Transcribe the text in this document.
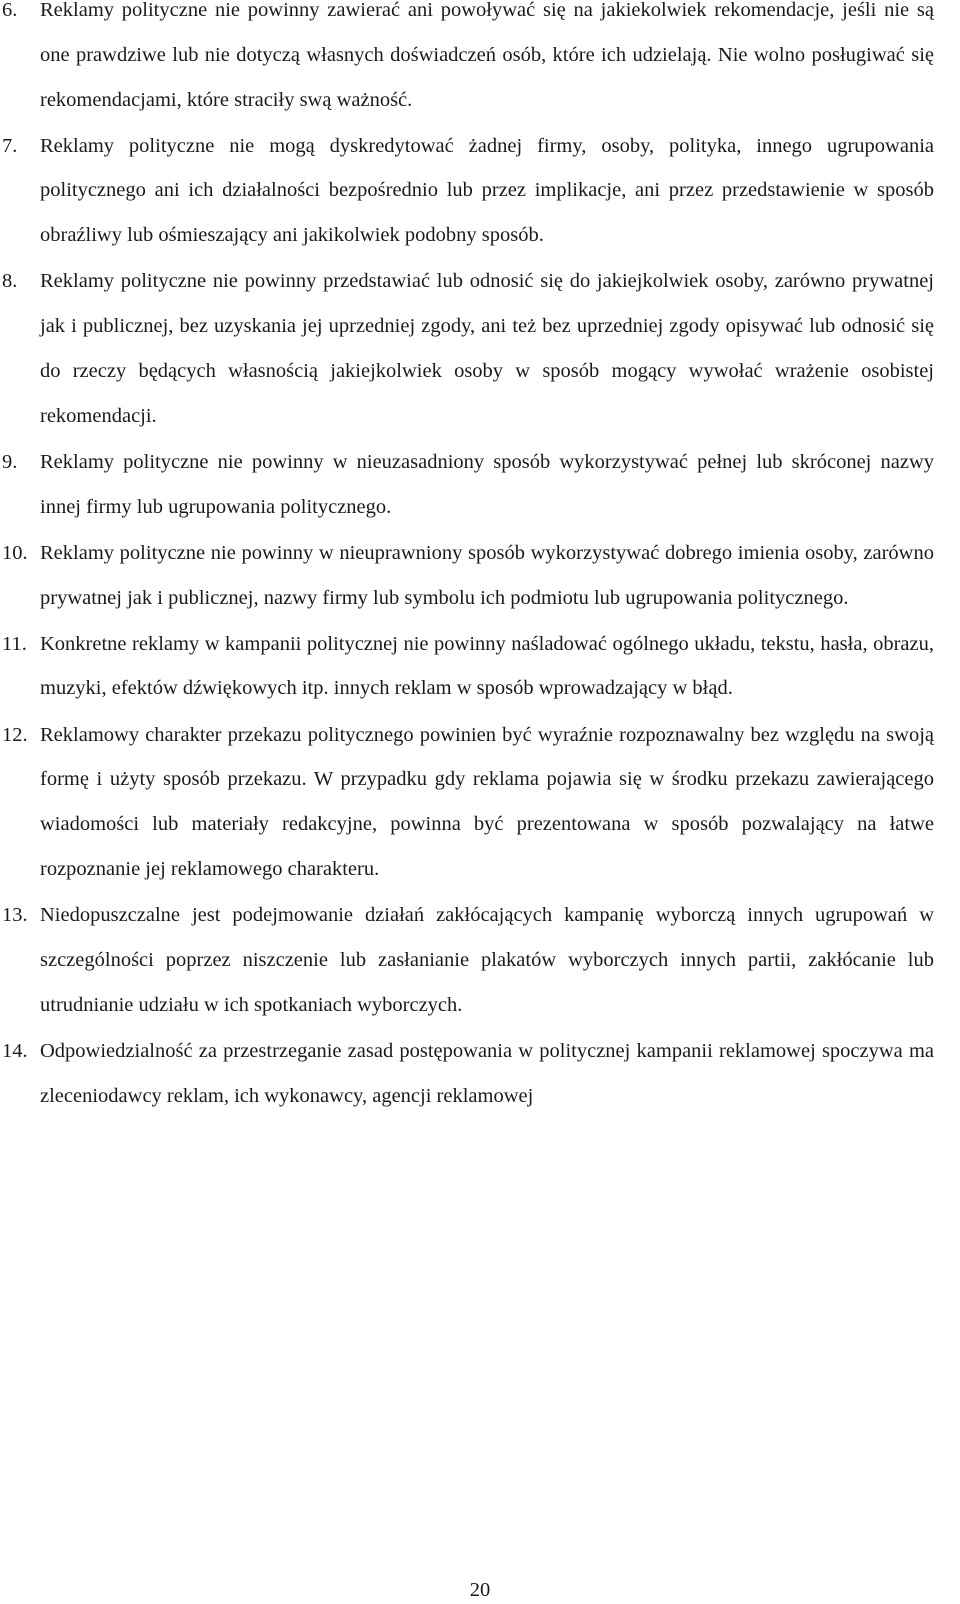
6. Reklamy polityczne nie powinny zawierać ani powoływać się na jakiekolwiek rekomendacje, jeśli nie są one prawdziwe lub nie dotyczą własnych doświadczeń osób, które ich udzielają. Nie wolno posługiwać się rekomendacjami, które straciły swą ważność.
7. Reklamy polityczne nie mogą dyskredytować żadnej firmy, osoby, polityka, innego ugrupowania politycznego ani ich działalności bezpośrednio lub przez implikacje, ani przez przedstawienie w sposób obraźliwy lub ośmieszający ani jakikolwiek podobny sposób.
8. Reklamy polityczne nie powinny przedstawiać lub odnosić się do jakiejkolwiek osoby, zarówno prywatnej jak i publicznej, bez uzyskania jej uprzedniej zgody, ani też bez uprzedniej zgody opisywać lub odnosić się do rzeczy będących własnością jakiejkolwiek osoby w sposób mogący wywołać wrażenie osobistej rekomendacji.
9. Reklamy polityczne nie powinny w nieuzasadniony sposób wykorzystywać pełnej lub skróconej nazwy innej firmy lub ugrupowania politycznego.
10. Reklamy polityczne nie powinny w nieuprawniony sposób wykorzystywać dobrego imienia osoby, zarówno prywatnej jak i publicznej, nazwy firmy lub symbolu ich podmiotu lub ugrupowania politycznego.
11. Konkretne reklamy w kampanii politycznej nie powinny naśladować ogólnego układu, tekstu, hasła, obrazu, muzyki, efektów dźwiękowych itp. innych reklam w sposób wprowadzający w błąd.
12. Reklamowy charakter przekazu politycznego powinien być wyraźnie rozpoznawalny bez względu na swoją formę i użyty sposób przekazu. W przypadku gdy reklama pojawia się w środku przekazu zawierającego wiadomości lub materiały redakcyjne, powinna być prezentowana w sposób pozwalający na łatwe rozpoznanie jej reklamowego charakteru.
13. Niedopuszczalne jest podejmowanie działań zakłócających kampanię wyborczą innych ugrupowań w szczególności poprzez niszczenie lub zasłanianie plakatów wyborczych innych partii, zakłócanie lub utrudnianie udziału w ich spotkaniach wyborczych.
14. Odpowiedzialność za przestrzeganie zasad postępowania w politycznej kampanii reklamowej spoczywa ma zleceniodawcy reklam, ich wykonawcy, agencji reklamowej
20
